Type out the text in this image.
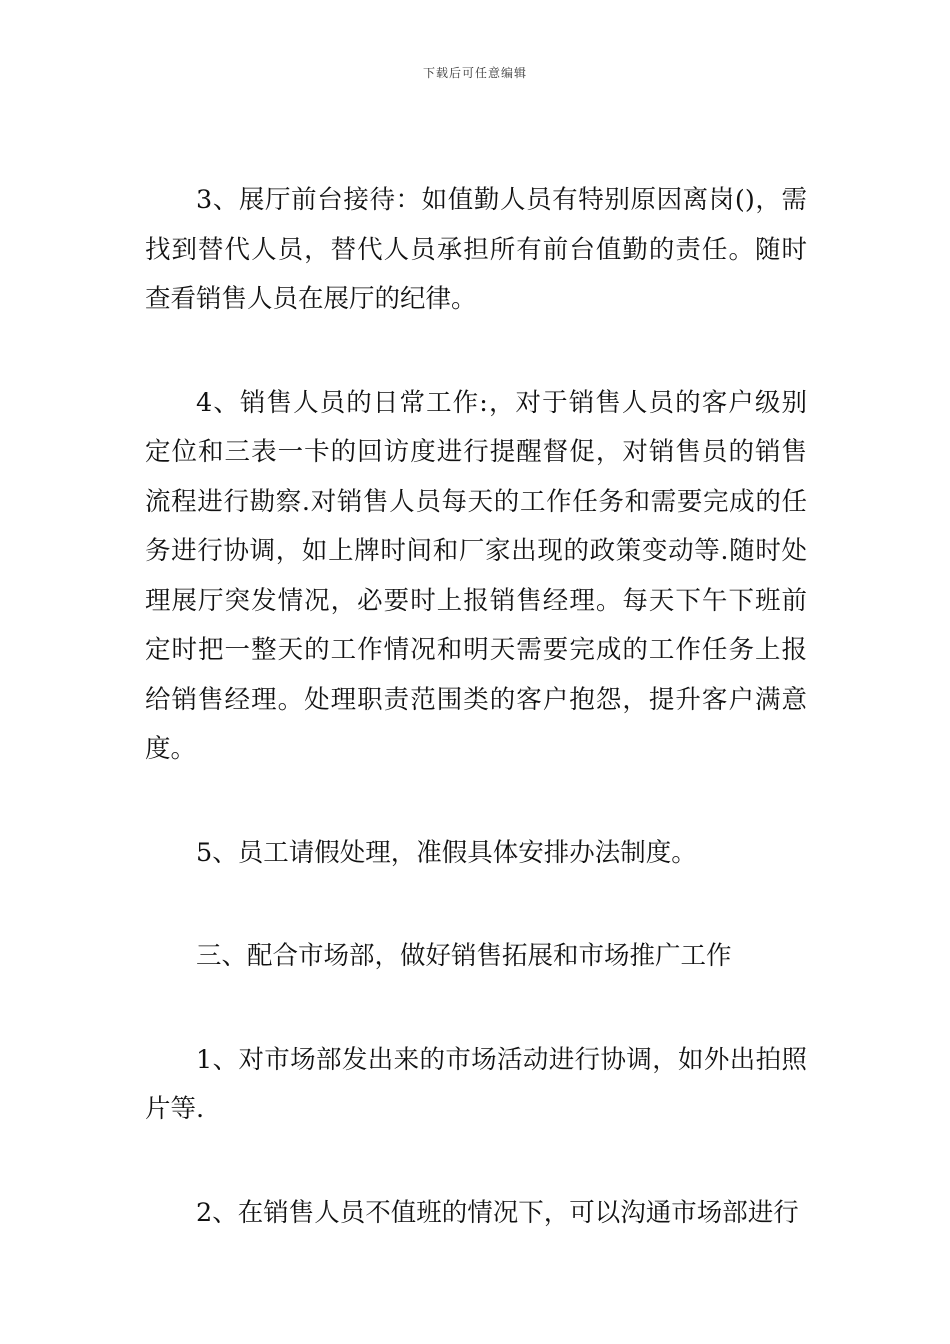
下载后可任意编辑

3、展厅前台接待：如值勤人员有特别原因离岗()，需找到替代人员，替代人员承担所有前台值勤的责任。随时查看销售人员在展厅的纪律。

4、销售人员的日常工作:，对于销售人员的客户级别定位和三表一卡的回访度进行提醒督促，对销售员的销售流程进行勘察.对销售人员每天的工作任务和需要完成的任务进行协调，如上牌时间和厂家出现的政策变动等.随时处理展厅突发情况，必要时上报销售经理。每天下午下班前定时把一整天的工作情况和明天需要完成的工作任务上报给销售经理。处理职责范围类的客户抱怨，提升客户满意度。

5、员工请假处理，准假具体安排办法制度。

三、配合市场部，做好销售拓展和市场推广工作

1、对市场部发出来的市场活动进行协调，如外出拍照片等.

2、在销售人员不值班的情况下，可以沟通市场部进行
